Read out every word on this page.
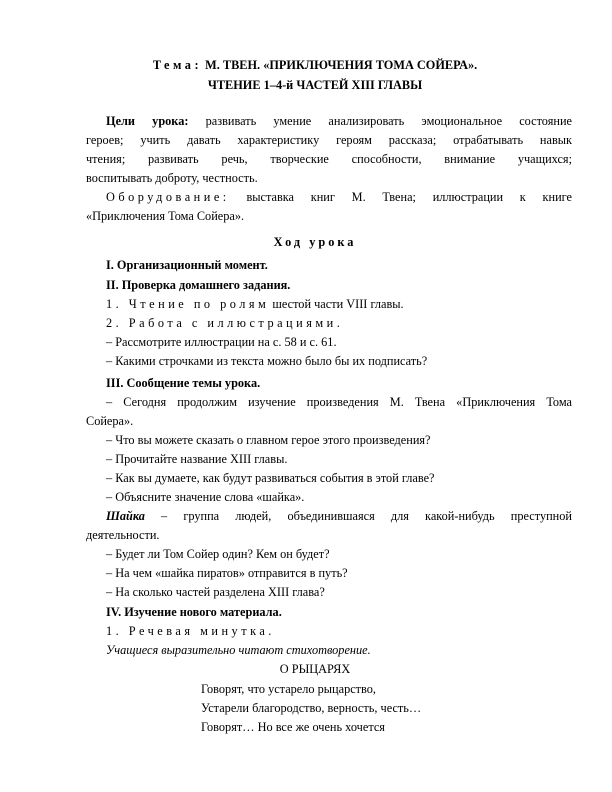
Тема: М. ТВЕН. «ПРИКЛЮЧЕНИЯ ТОМА СОЙЕРА».
ЧТЕНИЕ 1–4-й ЧАСТЕЙ XIII ГЛАВЫ
Цели урока: развивать умение анализировать эмоциональное состояние
героев; учить давать характеристику героям рассказа; отрабатывать навык
чтения; развивать речь, творческие способности, внимание учащихся;
воспитывать доброту, честность.
Оборудование: выставка книг М. Твена; иллюстрации к книге
«Приключения Тома Сойера».
Ход урока
I. Организационный момент.
II. Проверка домашнего задания.
1. Чтение по ролям шестой части VIII главы.
2. Работа с иллюстрациями.
– Рассмотрите иллюстрации на с. 58 и с. 61.
– Какими строчками из текста можно было бы их подписать?
III. Сообщение темы урока.
– Сегодня продолжим изучение произведения М. Твена «Приключения Тома
Сойера».
– Что вы можете сказать о главном герое этого произведения?
– Прочитайте название XIII главы.
– Как вы думаете, как будут развиваться события в этой главе?
– Объясните значение слова «шайка».
Шайка – группа людей, объединившаяся для какой-нибудь преступной
деятельности.
– Будет ли Том Сойер один? Кем он будет?
– На чем «шайка пиратов» отправится в путь?
– На сколько частей разделена XIII глава?
IV. Изучение нового материала.
1. Речевая минутка.
Учащиеся выразительно читают стихотворение.
О РЫЦАРЯХ
Говорят, что устарело рыцарство,
Устарели благородство, верность, честь…
Говорят… Но все же очень хочется
